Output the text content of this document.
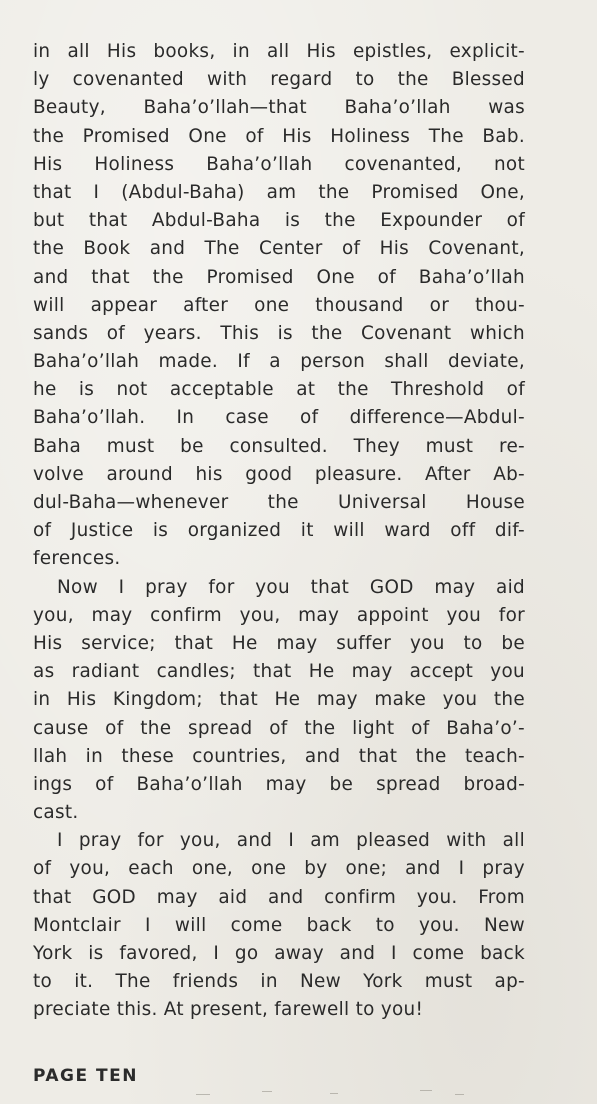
in all His books, in all His epistles, explicit-
ly covenanted with regard to the Blessed
Beauty, Baha’o’llah—that Baha’o’llah was
the Promised One of His Holiness The Bab.
His Holiness Baha’o’llah covenanted, not
that I (Abdul-Baha) am the Promised One,
but that Abdul-Baha is the Expounder of
the Book and The Center of His Covenant,
and that the Promised One of Baha’o’llah
will appear after one thousand or thou-
sands of years. This is the Covenant which
Baha’o’llah made. If a person shall deviate,
he is not acceptable at the Threshold of
Baha’o’llah. In case of difference—Abdul-
Baha must be consulted. They must re-
volve around his good pleasure. After Ab-
dul-Baha—whenever the Universal House
of Justice is organized it will ward off dif-
ferences.
Now I pray for you that GOD may aid
you, may confirm you, may appoint you for
His service; that He may suffer you to be
as radiant candles; that He may accept you
in His Kingdom; that He may make you the
cause of the spread of the light of Baha’o’-
llah in these countries, and that the teach-
ings of Baha’o’llah may be spread broad-
cast.
I pray for you, and I am pleased with all
of you, each one, one by one; and I pray
that GOD may aid and confirm you. From
Montclair I will come back to you. New
York is favored, I go away and I come back
to it. The friends in New York must ap-
preciate this. At present, farewell to you!
PAGE TEN
